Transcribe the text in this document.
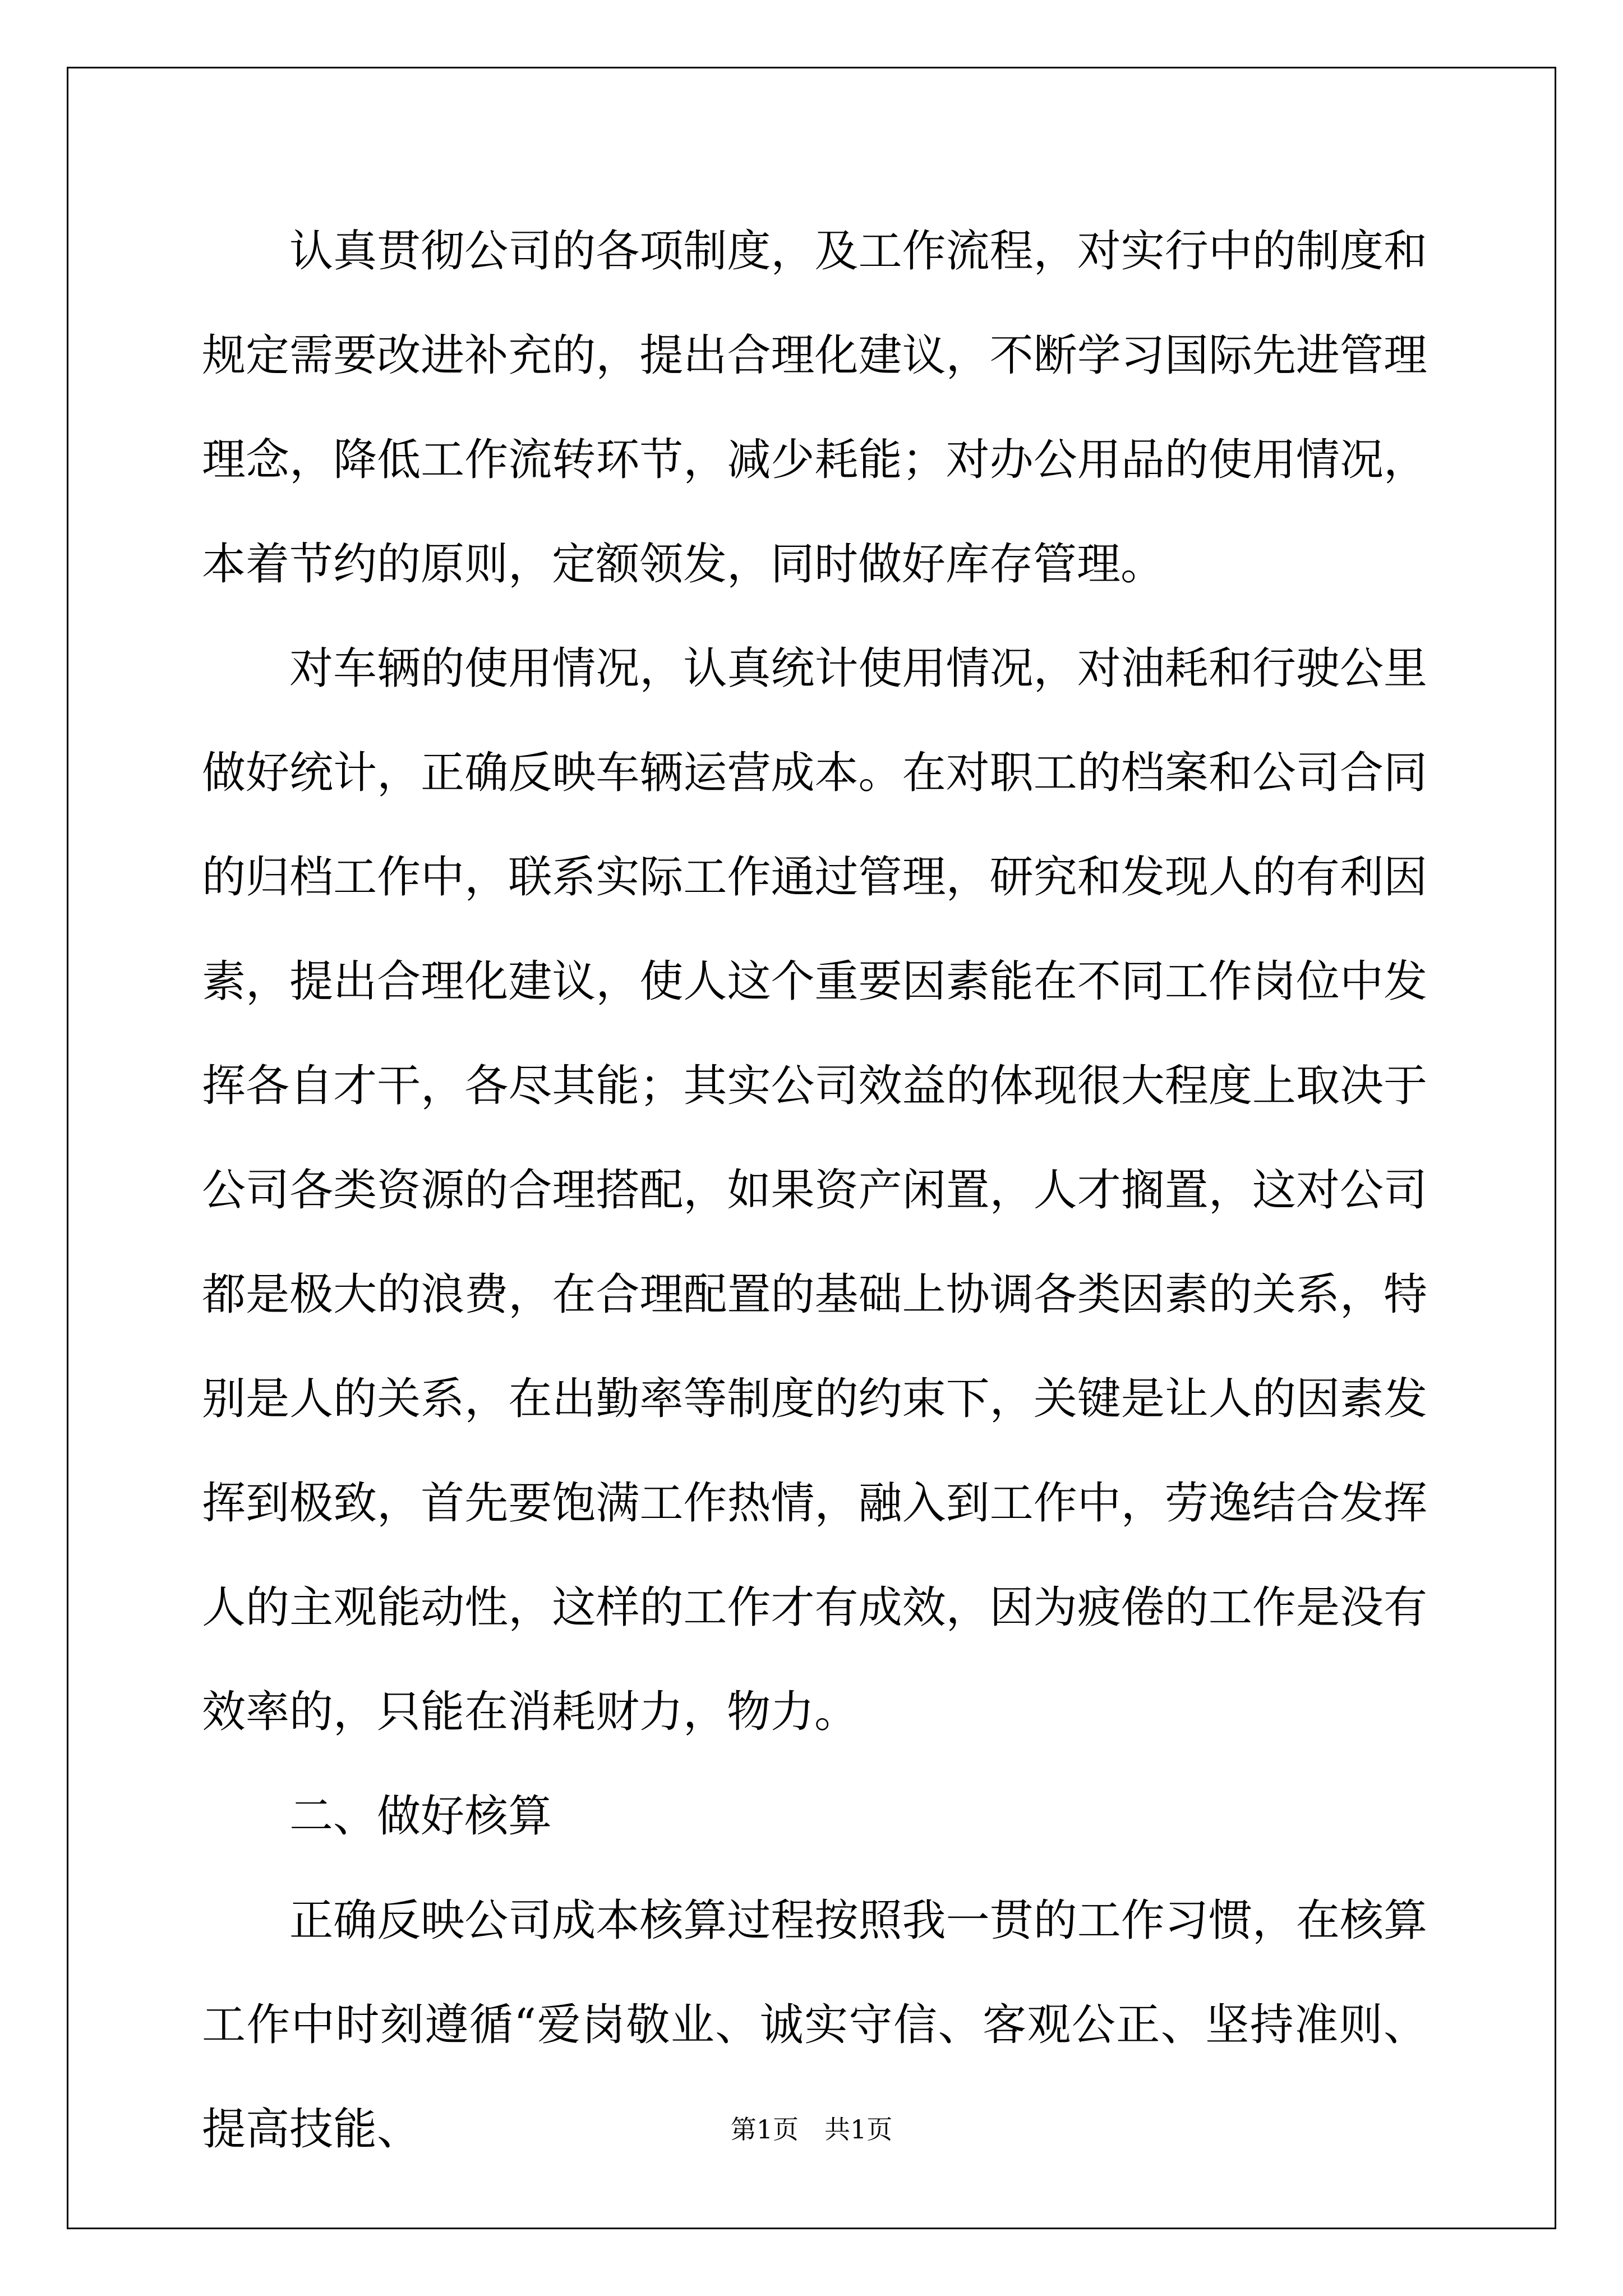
认真贯彻公司的各项制度，及工作流程，对实行中的制度和规定需要改进补充的，提出合理化建议，不断学习国际先进管理理念，降低工作流转环节，减少耗能；对办公用品的使用情况，本着节约的原则，定额领发，同时做好库存管理。

对车辆的使用情况，认真统计使用情况，对油耗和行驶公里做好统计，正确反映车辆运营成本。在对职工的档案和公司合同的归档工作中，联系实际工作通过管理，研究和发现人的有利因素，提出合理化建议，使人这个重要因素能在不同工作岗位中发挥各自才干，各尽其能；其实公司效益的体现很大程度上取决于公司各类资源的合理搭配，如果资产闲置，人才搁置，这对公司都是极大的浪费，在合理配置的基础上协调各类因素的关系，特别是人的关系，在出勤率等制度的约束下，关键是让人的因素发挥到极致，首先要饱满工作热情，融入到工作中，劳逸结合发挥人的主观能动性，这样的工作才有成效，因为疲倦的工作是没有效率的，只能在消耗财力，物力。

二、做好核算

正确反映公司成本核算过程按照我一贯的工作习惯，在核算工作中时刻遵循“爱岗敬业、诚实守信、客观公正、坚持准则、提高技能、	第1页　共1页
